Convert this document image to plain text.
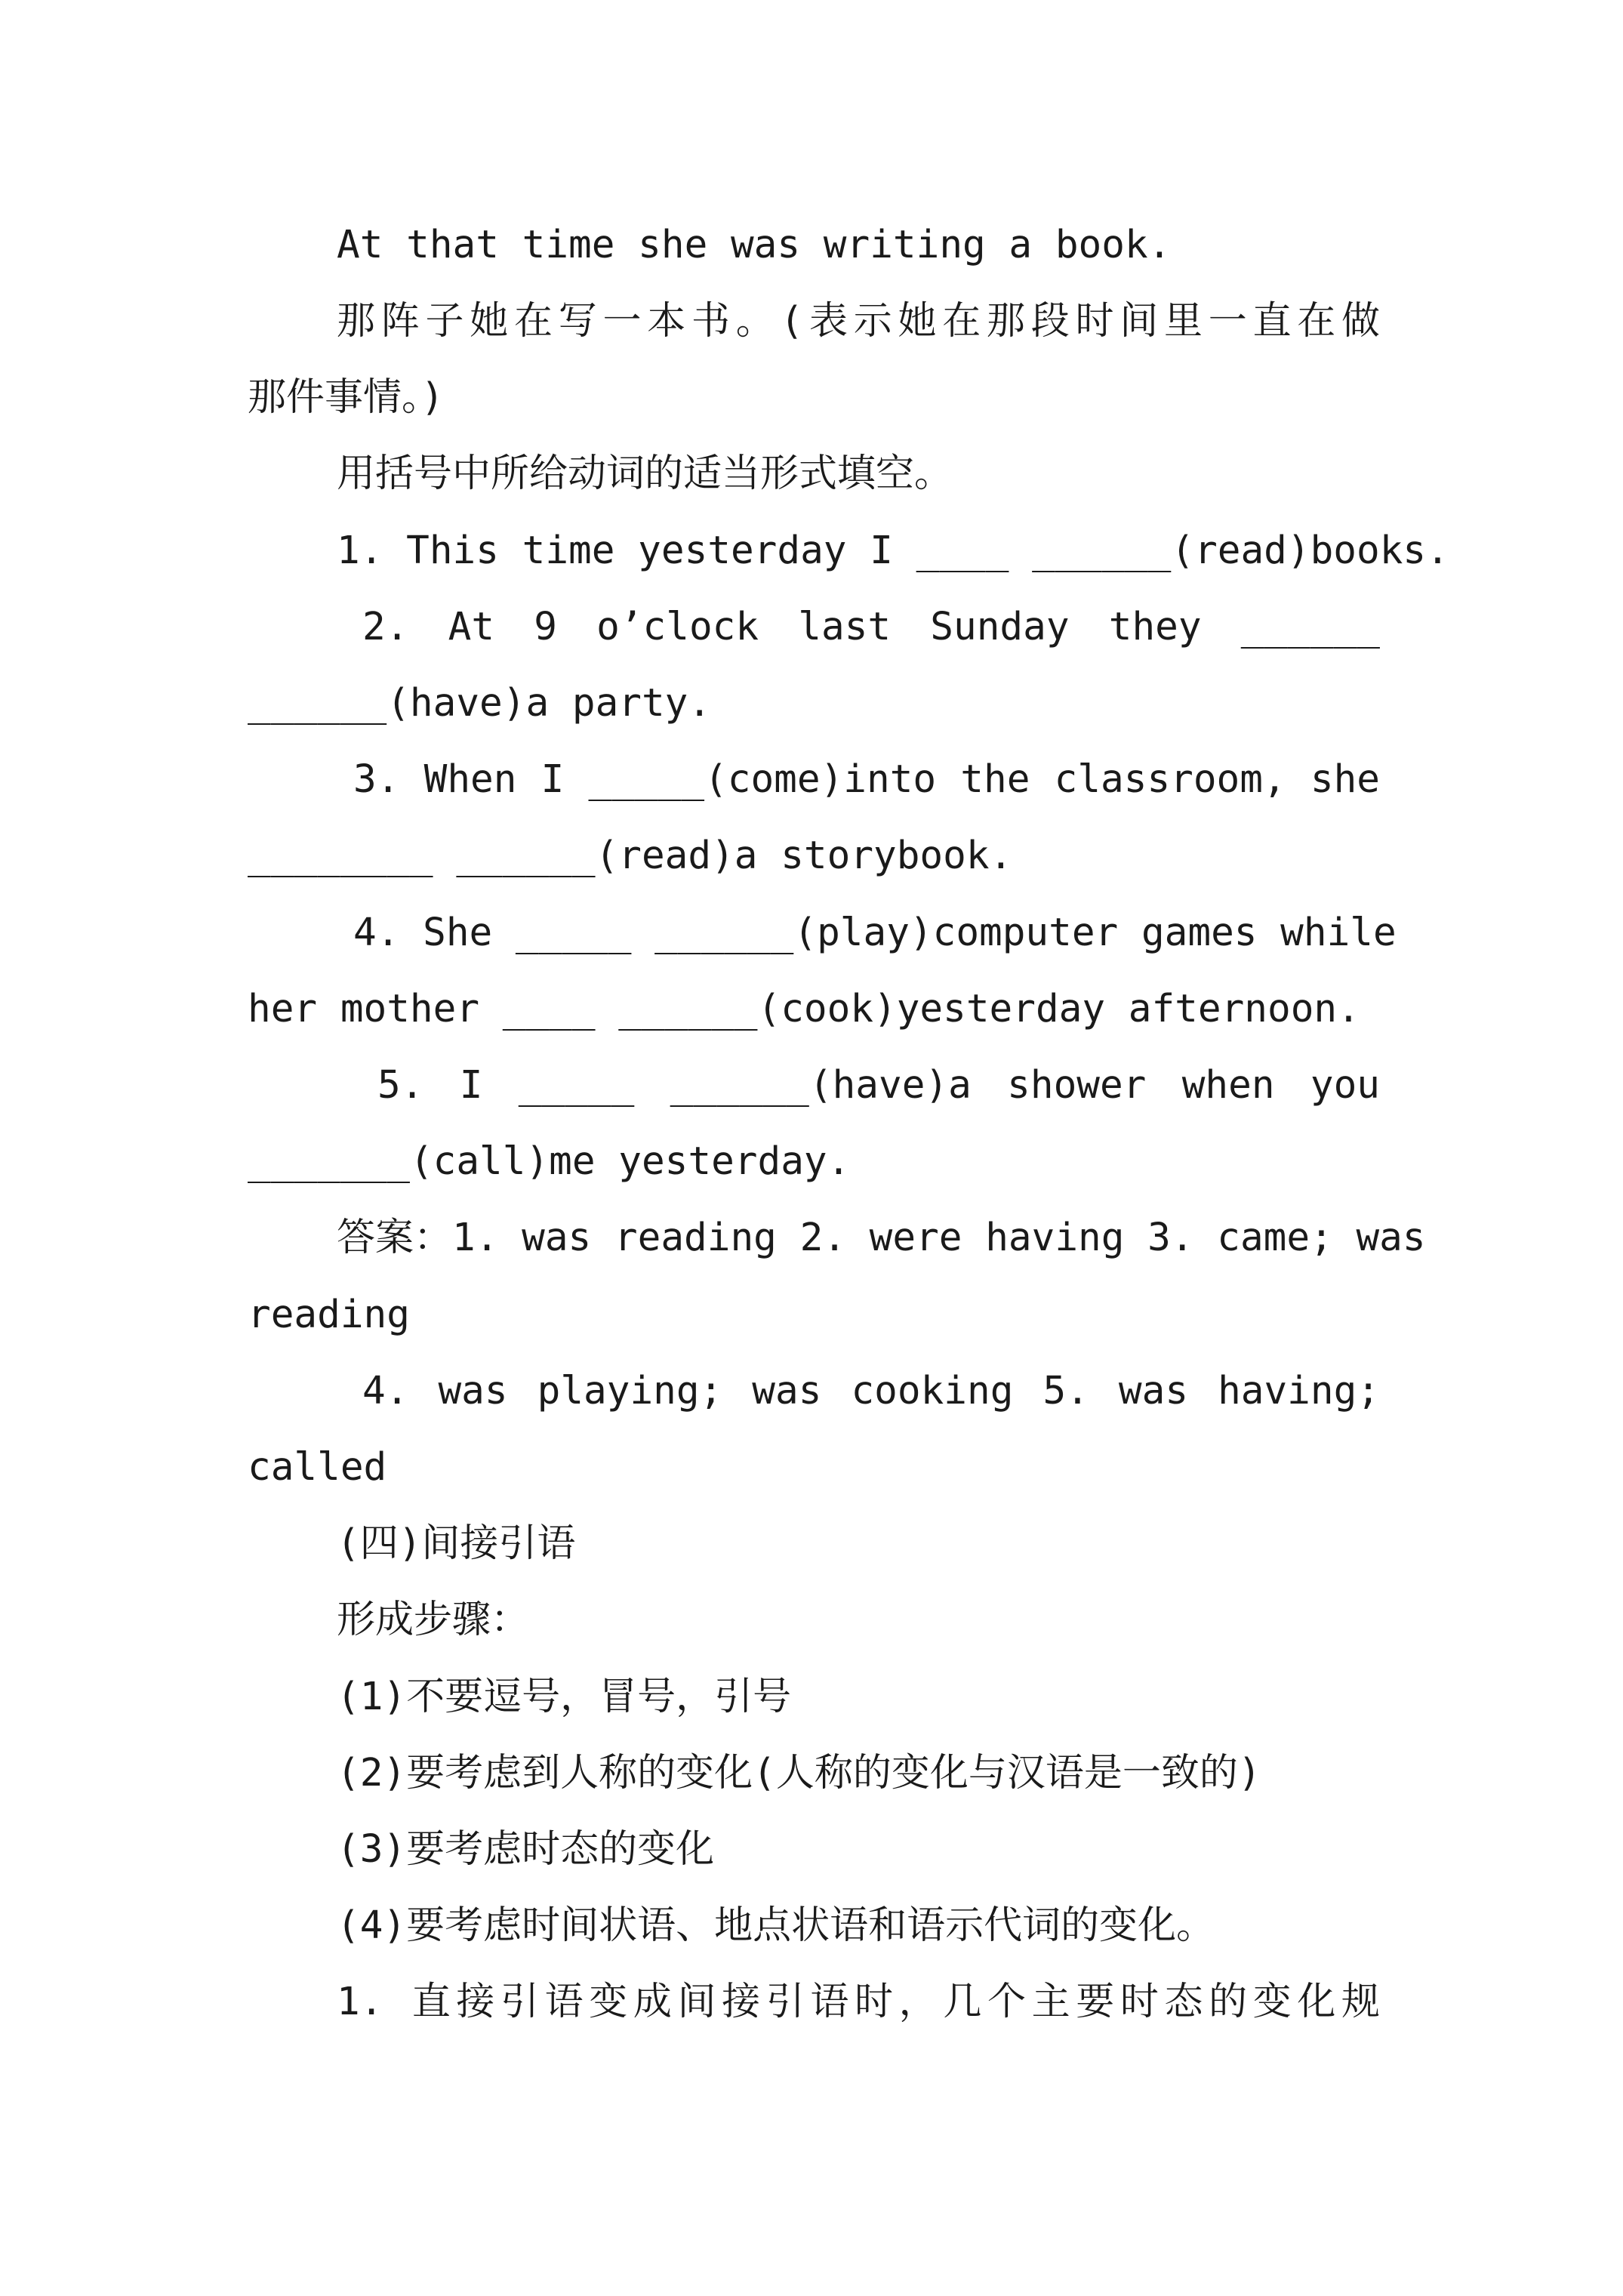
At that time she was writing a book.
那阵子她在写一本书。(表示她在那段时间里一直在做
那件事情。)
用括号中所给动词的适当形式填空。
1. This time yesterday I ____ ______(read)books.
2. At 9 o’clock last Sunday they ______
______(have)a party.
3. When I _____(come)into the classroom, she
________ ______(read)a storybook.
4. She _____ ______(play)computer games while
her mother ____ ______(cook)yesterday afternoon.
5. I _____ ______(have)a shower when you
_______(call)me yesterday.
答案：1. was reading 2. were having 3. came; was
reading
4. was playing; was cooking 5. was having;
called
(四)间接引语
形成步骤：
(1)不要逗号，冒号，引号
(2)要考虑到人称的变化(人称的变化与汉语是一致的)
(3)要考虑时态的变化
(4)要考虑时间状语、地点状语和语示代词的变化。
1. 直接引语变成间接引语时，几个主要时态的变化规
